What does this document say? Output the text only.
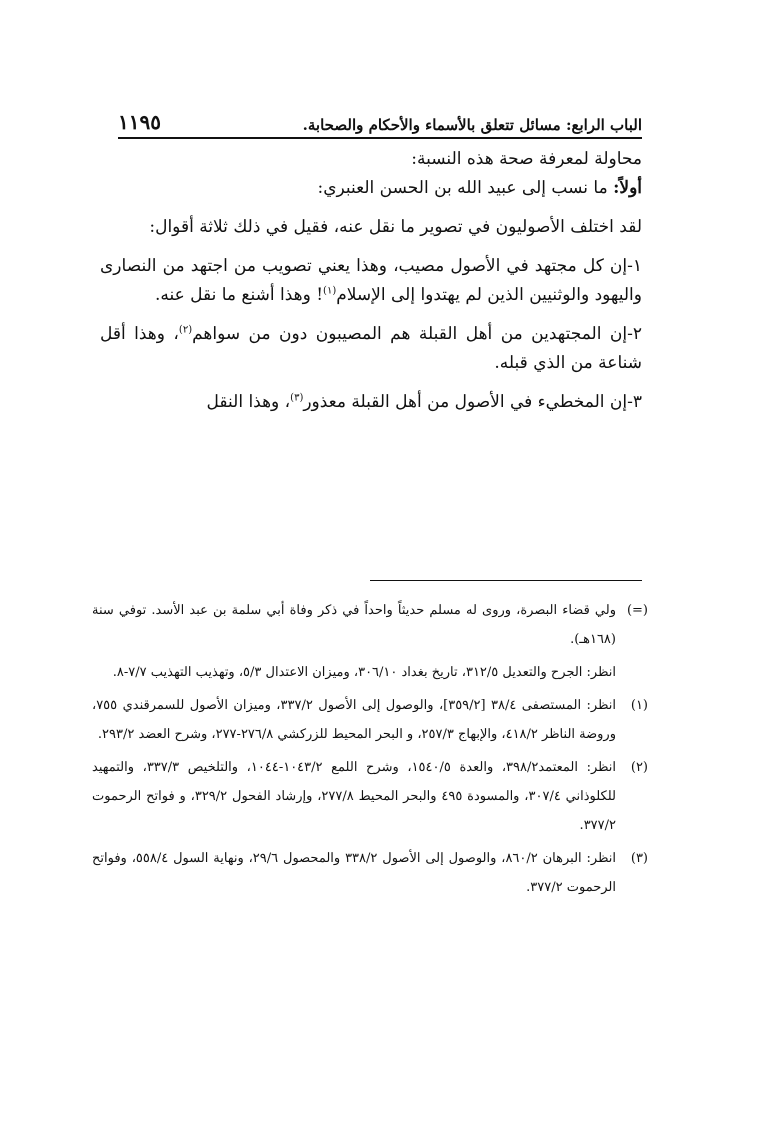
١١٩٥	الباب الرابع: مسائل تتعلق بالأسماء والأحكام والصحابة.

محاولة لمعرفة صحة هذه النسبة:

أولاً: ما نسب إلى عبيد الله بن الحسن العنبري:

لقد اختلف الأصوليون في تصوير ما نقل عنه، فقيل في ذلك ثلاثة أقوال:

١-إن كل مجتهد في الأصول مصيب، وهذا يعني تصويب من اجتهد من النصارى واليهود والوثنيين الذين لم يهتدوا إلى الإسلام$^{(١)}$! وهذا أشنع ما نقل عنه.

٢-إن المجتهدين من أهل القبلة هم المصيبون دون من سواهم$^{(٢)}$، وهذا أقل شناعة من الذي قبله.

٣-إن المخطيء في الأصول من أهل القبلة معذور$^{(٣)}$، وهذا النقل

(=)
ولي قضاء البصرة، وروى له مسلم حديثاً واحداً في ذكر وفاة أبي سلمة بن عبد الأسد. توفي سنة (١٦٨هـ).
انظر: الجرح والتعديل ٣١٢/٥، تاريخ بغداد ٣٠٦/١٠، وميزان الاعتدال ٥/٣، وتهذيب التهذيب ٧/٧-٨.
(١)
انظر: المستصفى ٣٨/٤ [٣٥٩/٢]، والوصول إلى الأصول ٣٣٧/٢، وميزان الأصول للسمرقندي ٧٥٥، وروضة الناظر ٤١٨/٢، والإبهاج ٢٥٧/٣، و البحر المحيط للزركشي ٢٧٦/٨-٢٧٧، وشرح العضد ٢٩٣/٢.
(٢)
انظر: المعتمد٣٩٨/٢، والعدة ١٥٤٠/٥، وشرح اللمع ١٠٤٣/٢-١٠٤٤، والتلخيص ٣٣٧/٣، والتمهيد للكلوذاني ٣٠٧/٤، والمسودة ٤٩٥ والبحر المحيط ٢٧٧/٨، وإرشاد الفحول ٣٢٩/٢، و فواتح الرحموت ٣٧٧/٢.
(٣)
انظر: البرهان ٨٦٠/٢، والوصول إلى الأصول ٣٣٨/٢ والمحصول ٢٩/٦، ونهاية السول ٥٥٨/٤، وفواتح الرحموت ٣٧٧/٢.
